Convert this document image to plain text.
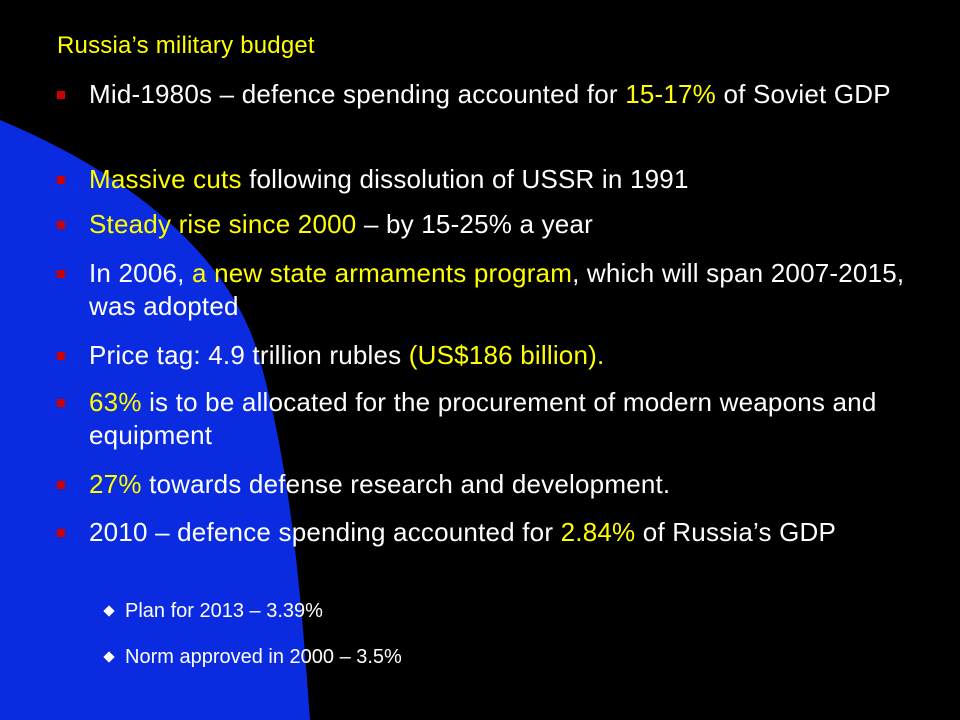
Russia’s military budget
Mid-1980s – defence spending accounted for 15-17% of Soviet GDP
Massive cuts following dissolution of USSR in 1991
Steady rise since 2000 – by 15-25% a year
In 2006, a new state armaments program, which will span 2007-2015, was adopted
Price tag: 4.9 trillion rubles (US$186 billion).
63% is to be allocated for the procurement of modern weapons and equipment
27% towards defense research and development.
2010 – defence spending accounted for 2.84% of Russia’s GDP
Plan for 2013 – 3.39%
Norm approved in 2000 – 3.5%
